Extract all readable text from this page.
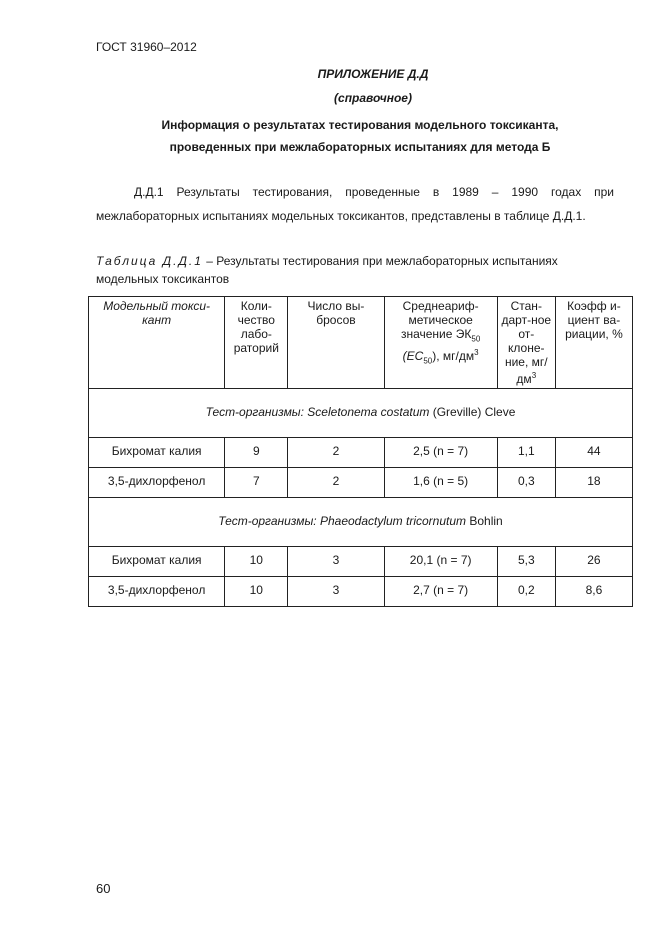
ГОСТ 31960–2012
ПРИЛОЖЕНИЕ Д.Д
(справочное)
Информация о результатах тестирования модельного токсиканта,
проведенных при межлабораторных испытаниях для метода Б
Д.Д.1 Результаты тестирования, проведенные в 1989 – 1990 годах при межлабораторных испытаниях модельных токсикантов, представлены в таблице Д.Д.1.
Таблица Д.Д.1 – Результаты тестирования при межлабораторных испытаниях модельных токсикантов
Модельный токси-кант	Коли-чество лабо-раторий	Число вы-бросов	Среднеариф-метическое значение $ЭК_{50}$ $(EC_{50})$, $мг/дм^3$	Стан-дарт-ное от-клоне-ние, $мг/дм^3$	Коэфф и-циент ва-риации, %
Тест-организмы: Sceletonema costatum (Greville) Cleve					
Бихромат калия	9	2	2,5 (n = 7)	1,1	44
3,5-дихлорфенол	7	2	1,6 (n = 5)	0,3	18
Тест-организмы: Phaeodactylum tricornutum Bohlin					
Бихромат калия	10	3	20,1 (n = 7)	5,3	26
3,5-дихлорфенол	10	3	2,7 (n = 7)	0,2	8,6
60
